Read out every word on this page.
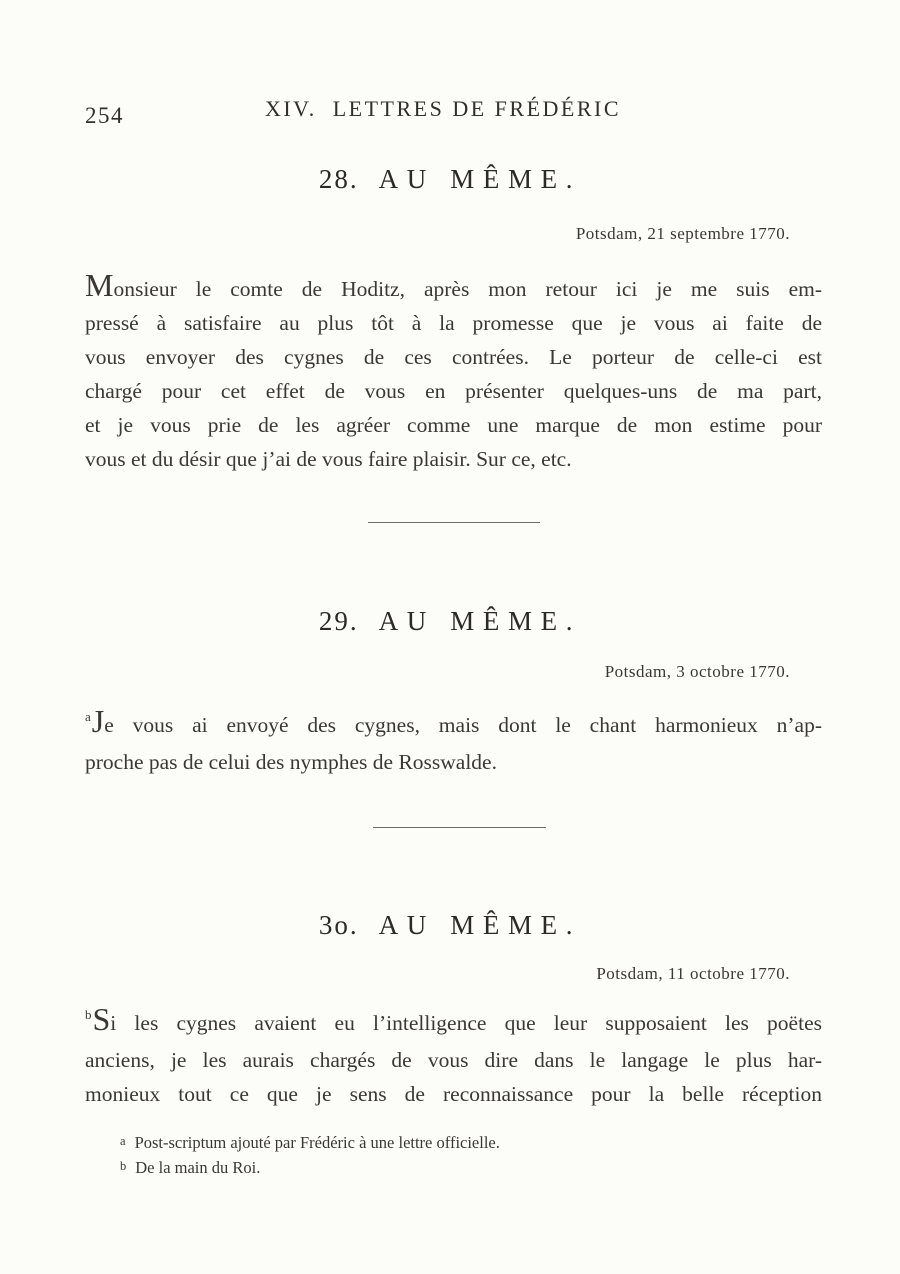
254	XIV. LETTRES DE FRÉDÉRIC
28. AU MÊME.
Potsdam, 21 septembre 1770.
Monsieur le comte de Hoditz, après mon retour ici je me suis em-
pressé à satisfaire au plus tôt à la promesse que je vous ai faite de
vous envoyer des cygnes de ces contrées. Le porteur de celle-ci est
chargé pour cet effet de vous en présenter quelques-uns de ma part,
et je vous prie de les agréer comme une marque de mon estime pour
vous et du désir que j’ai de vous faire plaisir. Sur ce, etc.
29. AU MÊME.
Potsdam, 3 octobre 1770.
$^a$Je vous ai envoyé des cygnes, mais dont le chant harmonieux n’ap-
proche pas de celui des nymphes de Rosswalde.
3o. AU MÊME.
Potsdam, 11 octobre 1770.
$^b$Si les cygnes avaient eu l’intelligence que leur supposaient les poëtes
anciens, je les aurais chargés de vous dire dans le langage le plus har-
monieux tout ce que je sens de reconnaissance pour la belle réception
a Post-scriptum ajouté par Frédéric à une lettre officielle.
b De la main du Roi.
